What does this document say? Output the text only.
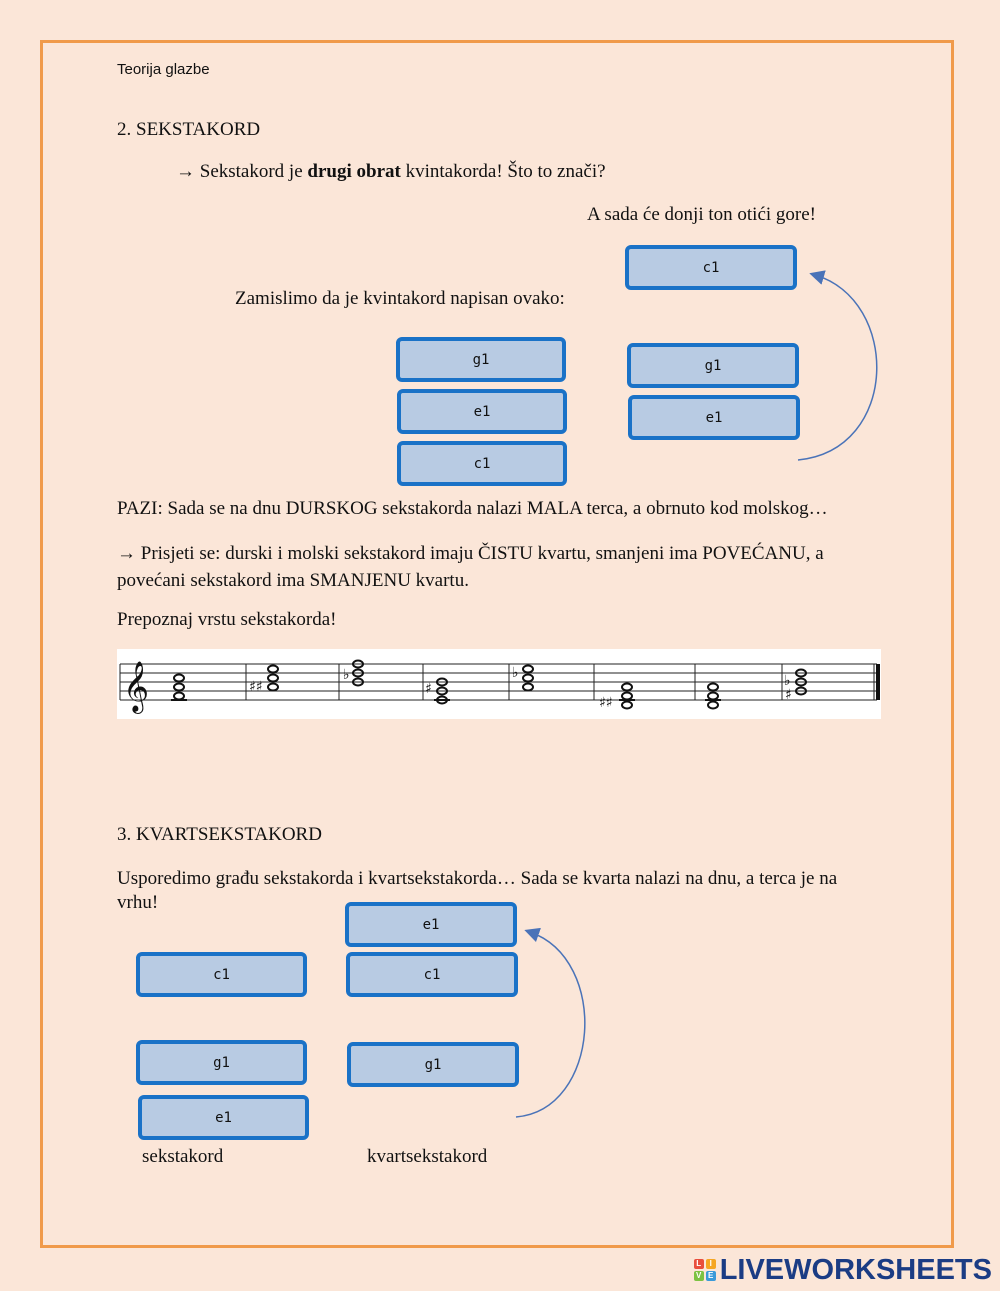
Teorija glazbe
2. SEKSTAKORD
→ Sekstakord je drugi obrat kvintakorda! Što to znači?
A sada će donji ton otići gore!
Zamislimo da je kvintakord napisan ovako:
g1
e1
c1
c1
g1
e1
PAZI: Sada se na dnu DURSKOG sekstakorda nalazi MALA terca, a obrnuto kod molskog…
→ Prisjeti se: durski i molski sekstakord imaju ČISTU kvartu, smanjeni ima POVEĆANU, a
povećani sekstakord ima SMANJENU kvartu.
Prepoznaj vrstu sekstakorda!
𝄞	♯♯
♭
♯
♭
♯♯	♯
♭
3. KVARTSEKSTAKORD
Usporedimo građu sekstakorda i kvartsekstakorda… Sada se kvarta nalazi na dnu, a terca je na
vrhu!
c1
g1
e1
e1
c1
g1
sekstakord	kvartsekstakord
L	I
V E LIVEWORKSHEETS
